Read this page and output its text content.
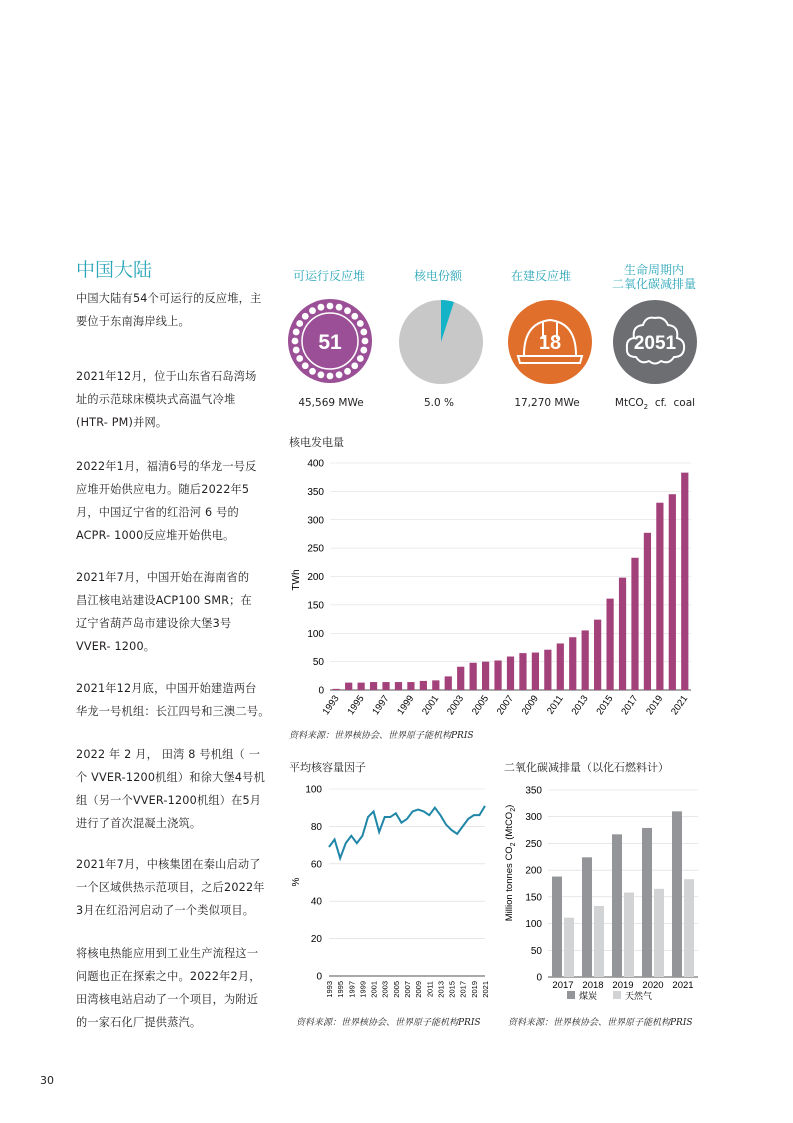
中国大陆

中国大陆有54个可运行的反应堆，主

要位于东南海岸线上。

2021年12月，位于山东省石岛湾场

址的示范球床模块式高温气冷堆

(HTR- PM)并网。

2022年1月，福清6号的华龙一号反

应堆开始供应电力。随后2022年5

月，中国辽宁省的红沿河 6 号的

ACPR- 1000反应堆开始供电。

2021年7月，中国开始在海南省的

昌江核电站建设ACP100 SMR；在

辽宁省葫芦岛市建设徐大堡3号

VVER- 1200。

2021年12月底，中国开始建造两台

华龙一号机组：长江四号和三澳二号。

2022 年 2 月， 田湾 8 号机组（ 一

个 VVER-1200机组）和徐大堡4号机

组（另一个VVER-1200机组）在5月

进行了首次混凝土浇筑。

2021年7月，中核集团在秦山启动了

一个区域供热示范项目，之后2022年

3月在红沿河启动了一个类似项目。

将核电热能应用到工业生产流程这一

问题也正在探索之中。2022年2月，

田湾核电站启动了一个项目，为附近

的一家石化厂提供蒸汽。

可运行反应堆	核电份额	在建反应堆	生命周期内
二氧化碳减排量
51	18	2051
45,569 MWe	5.0 %	17,270 MWe	MtCO$_2$  cf.  coal
核电发电量
0
50
100
150
200
250
300
350
400
1993 1995 1997 1999 2001 2003 2005 2007 2009 2011 2013 2015 2017 2019 2021
TWh
资料来源：世界核协会、世界原子能机构PRIS
平均核容量因子
0
20
40
60
80
100
1993 1995 1997 1999 2001 2003 2005 2007 2009 2011 2013 2015 2017 2019 2021
%
资料来源：世界核协会、世界原子能机构PRIS
二氧化碳减排量（以化石燃料计）
0
50
100
150
200
250
300
350
2017 2018 2019 2020 2021
Million tonnes $CO_2$ (MtCO$_2$)
煤炭	天然气
资料来源：世界核协会、世界原子能机构PRIS
30
